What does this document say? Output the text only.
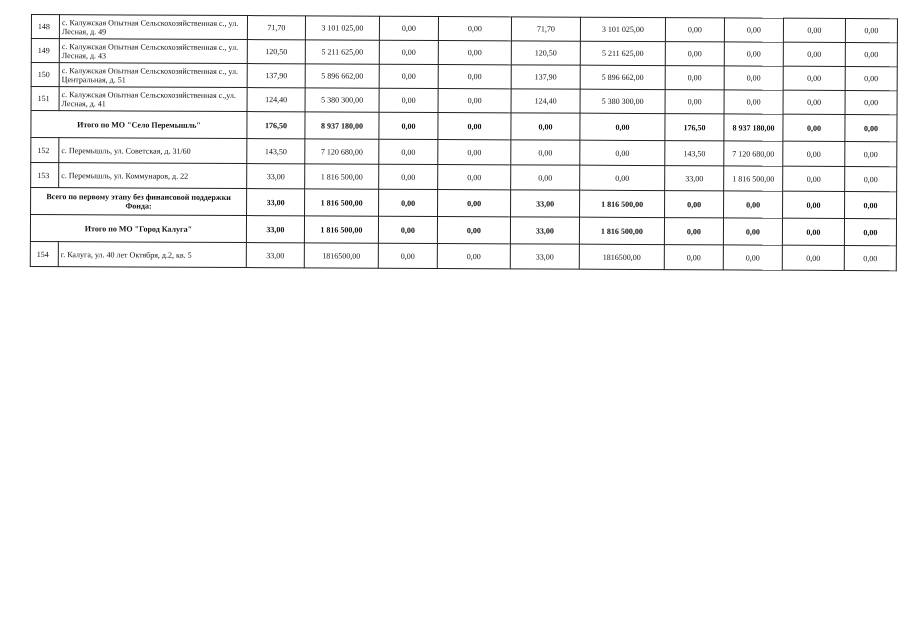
148	с. Калужская Опытная Сельскохозяйственная с., ул. Лесная, д. 49	71,70	3 101 025,00	0,00	0,00	71,70	3 101 025,00	0,00	0,00	0,00	0,00
149	с. Калужская Опытная Сельскохозяйственная с., ул. Лесная, д. 43	120,50	5 211 625,00	0,00	0,00	120,50	5 211 625,00	0,00	0,00	0,00	0,00
150	с. Калужская Опытная Сельскохозяйственная с., ул. Центральная, д. 51	137,90	5 896 662,00	0,00	0,00	137,90	5 896 662,00	0,00	0,00	0,00	0,00
151	с. Калужская Опытная Сельскохозяйственная с.,ул. Лесная, д. 41	124,40	5 380 300,00	0,00	0,00	124,40	5 380 300,00	0,00	0,00	0,00	0,00
Итого по МО "Село Перемышль"		176,50	8 937 180,00	0,00	0,00	0,00	0,00	176,50	8 937 180,00	0,00	0,00
152	с. Перемышль, ул. Советская, д. 31/60	143,50	7 120 680,00	0,00	0,00	0,00	0,00	143,50	7 120 680,00	0,00	0,00
153	с. Перемышль, ул. Коммунаров, д. 22	33,00	1 816 500,00	0,00	0,00	0,00	0,00	33,00	1 816 500,00	0,00	0,00
Всего по первому этапу без финансовой поддержки Фонда:		33,00	1 816 500,00	0,00	0,00	33,00	1 816 500,00	0,00	0,00	0,00	0,00
Итого по МО "Город Калуга"		33,00	1 816 500,00	0,00	0,00	33,00	1 816 500,00	0,00	0,00	0,00	0,00
154	г. Калуга, ул. 40 лет Октября, д.2, кв. 5	33,00	1816500,00	0,00	0,00	33,00	1816500,00	0,00	0,00	0,00	0,00
